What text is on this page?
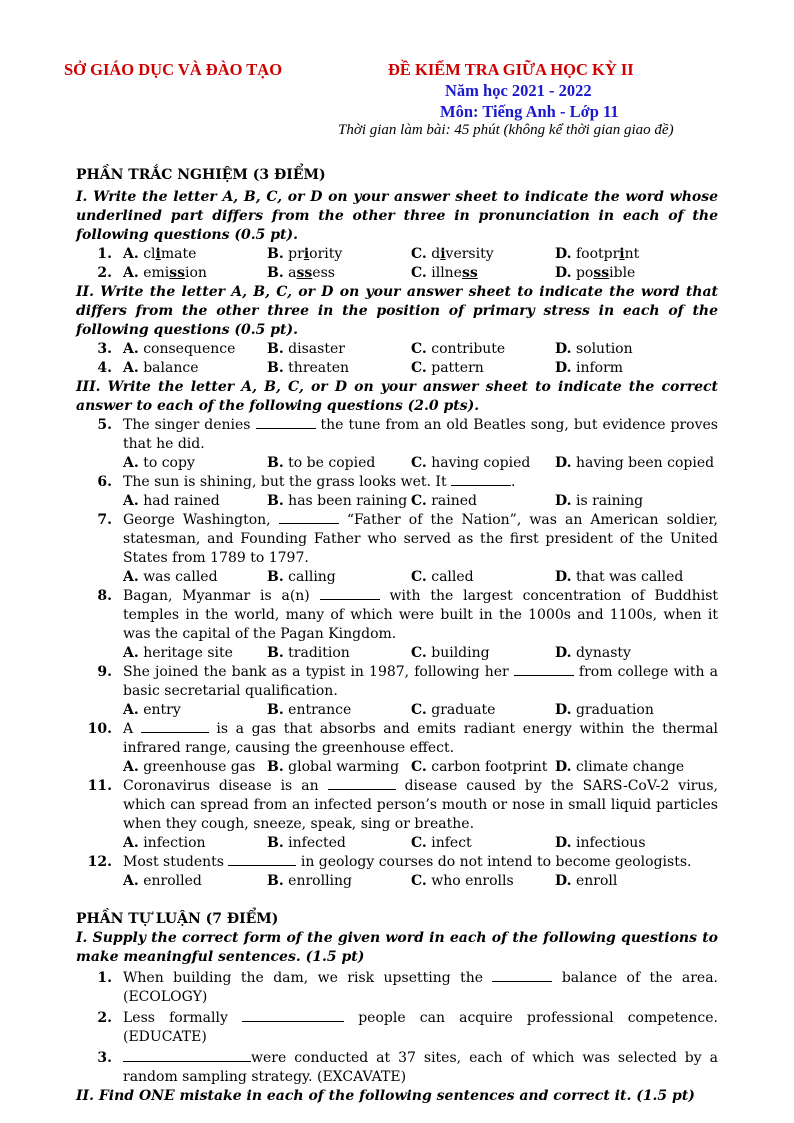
SỞ GIÁO DỤC VÀ ĐÀO TẠO	ĐỀ KIỂM TRA GIỮA HỌC KỲ II
Năm học 2021 - 2022
Môn: Tiếng Anh - Lớp 11
Thời gian làm bài: 45 phút (không kể thời gian giao đề)

PHẦN TRẮC NGHIỆM (3 ĐIỂM)

I. Write the letter A, B, C, or D on your answer sheet to indicate the word whose underlined part differs from the other three in pronunciation in each of the following questions (0.5 pt).

1. A. climate	B. priority	C. diversity	D. footprint
2. A. emission	B. assess	C. illness	D. possible

II. Write the letter A, B, C, or D on your answer sheet to indicate the word that differs from the other three in the position of primary stress in each of the following questions (0.5 pt).

3. A. consequence	B. disaster	C. contribute	D. solution
4. A. balance	B. threaten	C. pattern	D. inform

III. Write the letter A, B, C, or D on your answer sheet to indicate the correct answer to each of the following questions (2.0 pts).

5. The singer denies	the tune from an old Beatles song, but evidence proves that he did.

A. to copy	B. to be copied	C. having copied	D. having been copied

6. The sun is shining, but the grass looks wet. It	.

A. had rained	B. has been raining C. rained	D. is raining

7. George Washington,	“Father of the Nation”, was an American soldier, statesman, and Founding Father who served as the first president of the United States from 1789 to 1797.

A. was called	B. calling	C. called	D. that was called

8. Bagan, Myanmar is a(n)	with the largest concentration of Buddhist temples in the world, many of which were built in the 1000s and 1100s, when it was the capital of the Pagan Kingdom.

A. heritage site	B. tradition	C. building	D. dynasty

9. She joined the bank as a typist in 1987, following her	from college with a basic secretarial qualification.

A. entry	B. entrance	C. graduate	D. graduation

10. A	is a gas that absorbs and emits radiant energy within the thermal infrared range, causing the greenhouse effect.

A. greenhouse gas B. global warming C. carbon footprint D. climate change

11. Coronavirus disease is an	disease caused by the SARS-CoV-2 virus, which can spread from an infected person’s mouth or nose in small liquid particles when they cough, sneeze, speak, sing or breathe.

A. infection	B. infected	C. infect	D. infectious

12. Most students	in geology courses do not intend to become geologists.

A. enrolled	B. enrolling	C. who enrolls	D. enroll

PHẦN TỰ LUẬN (7 ĐIỂM)

I. Supply the correct form of the given word in each of the following questions to make meaningful sentences. (1.5 pt)

1. When building the dam, we risk upsetting the	balance of the area. (ECOLOGY)

2. Less formally	people can acquire professional competence. (EDUCATE)

3.	were conducted at 37 sites, each of which was selected by a random sampling strategy. (EXCAVATE)

II. Find ONE mistake in each of the following sentences and correct it. (1.5 pt)
